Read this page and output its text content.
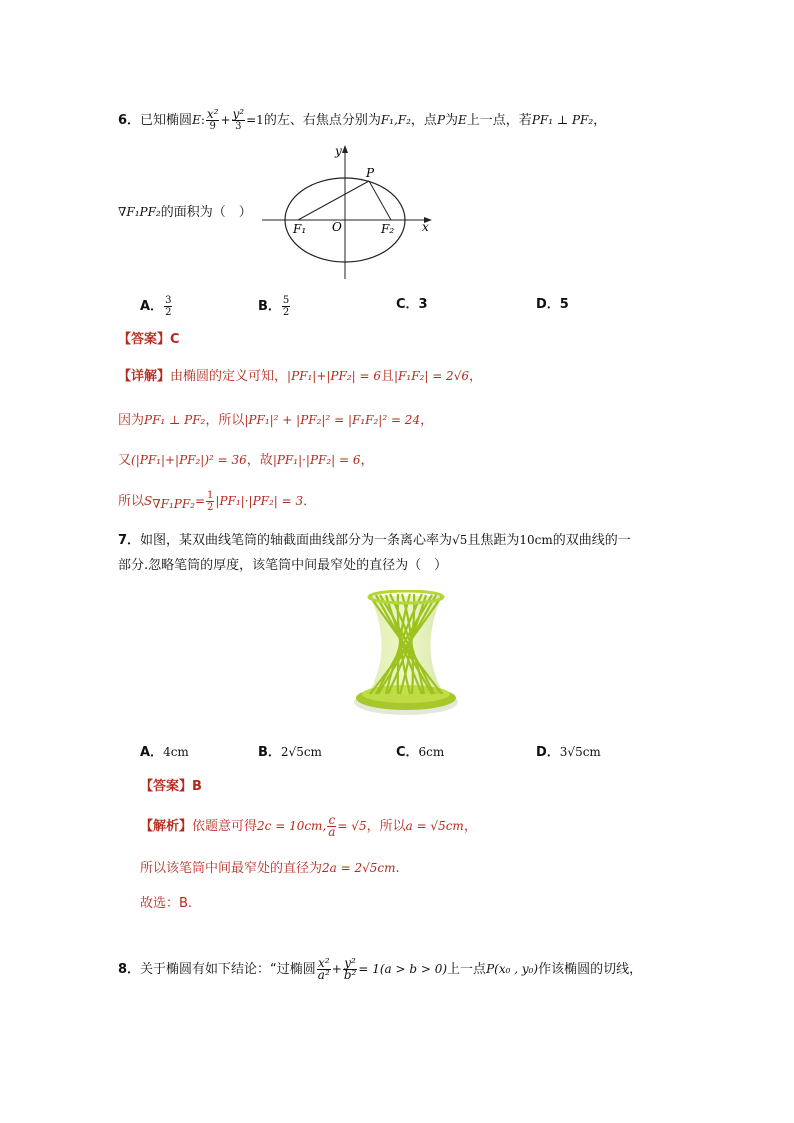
6．已知椭圆E: $\frac{\text{x²}}{9} + \frac{\text{y²}}{3} =1$的左、右焦点分别为F₁,F₂，点P为E上一点，若PF₁ ⊥ PF₂，
∇F₁PF₂的面积为（　）
y
x
O
P
F₁	F₂
A． $\frac{3}{2}$	B． $\frac{5}{2}$	C．3	D．5
【答案】C
【详解】由椭圆的定义可知，|PF₁|+|PF₂| = 6且|F₁F₂| = 2√6，
因为PF₁ ⊥ PF₂，所以|PF₁|² + |PF₂|² = |F₁F₂|² = 24，
又(|PF₁|+|PF₂|)² = 36，故|PF₁|·|PF₂| = 6，
所以$S_{\nabla F_1PF_2}= \frac{1}{2} |PF_1|\cdot|PF_2| = 3$．
7．如图，某双曲线笔筒的轴截面曲线部分为一条离心率为√5且焦距为10cm的双曲线的一
部分.忽略笔筒的厚度，该笔筒中间最窄处的直径为（　）
A．4cm	B．2√5cm	C．6cm	D．3√5cm
【答案】B
【解析】依题意可得2c = 10cm, $\frac{c}{a} = √5$，所以a = √5cm，
所以该笔筒中间最窄处的直径为2a = 2√5cm.
故选：B.
8．关于椭圆有如下结论：“过椭圆 $\frac{\text{x²}}{\text{a²}} + \frac{\text{y²}}{\text{b²}} = 1(a > b > 0)$上一点P(x₀ , y₀)作该椭圆的切线，
